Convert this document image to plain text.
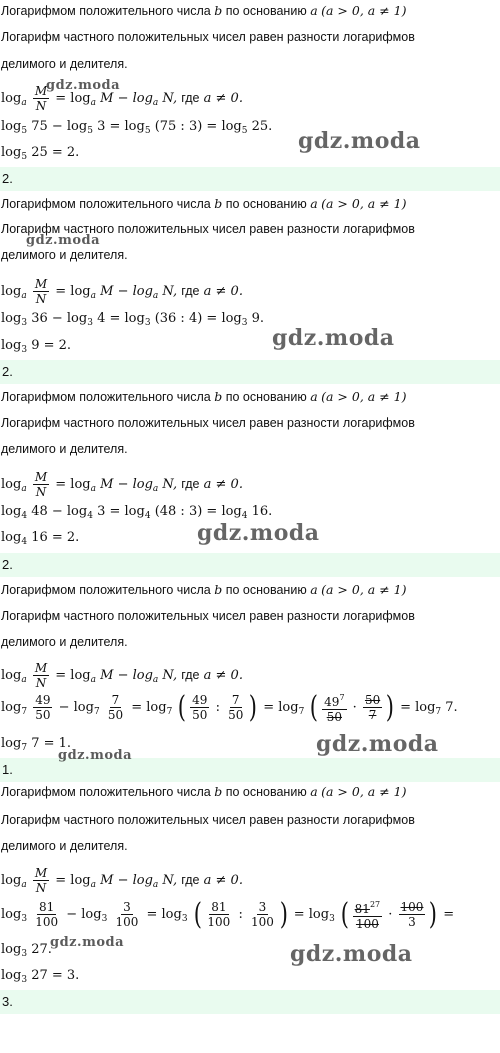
Логарифмом положительного числа b по основанию a (a > 0, a ≠ 1)
Логарифм частного положительных чисел равен разности логарифмов
делимого и делителя.
$\log_a \frac{M}{N} = \log_a M - \log_a N$, где a ≠ 0.
$\log_5 75 - \log_5 3 = \log_5 (75$ : $3) = \log_5 25$.
$\log_5 25 = 2$.
2.
gdz.moda
gdz.moda
Логарифмом положительного числа b по основанию a (a > 0, a ≠ 1)
Логарифм частного положительных чисел равен разности логарифмов
делимого и делителя.
$\log_a \frac{M}{N} = \log_a M - \log_a N$, где a ≠ 0.
$\log_3 36 - \log_3 4 = \log_3 (36$ : $4) = \log_3 9$.
$\log_3 9 = 2$.
2.
gdz.moda
gdz.moda
Логарифмом положительного числа b по основанию a (a > 0, a ≠ 1)
Логарифм частного положительных чисел равен разности логарифмов
делимого и делителя.
$\log_a \frac{M}{N} = \log_a M - \log_a N$, где a ≠ 0.
$\log_4 48 - \log_4 3 = \log_4 (48$ : $3) = \log_4 16$.
$\log_4 16 = 2$.
2.
gdz.moda
Логарифмом положительного числа b по основанию a (a > 0, a ≠ 1)
Логарифм частного положительных чисел равен разности логарифмов
делимого и делителя.
$\log_a \frac{M}{N} = \log_a M - \log_a N$, где a ≠ 0.
$\log_7 \frac{49}{50} - \log_7 \frac{7}{50} = \log_7$ ( $\frac{49}{50}$ : $\frac{7}{50}$ ) = $\log_7$ ( $\frac{49^7}{50} \cdot \frac{50}{7}$ ) = $\log_7 7$.
$\log_7 7 = 1$.
1.
gdz.moda
gdz.moda
Логарифмом положительного числа b по основанию a (a > 0, a ≠ 1)
Логарифм частного положительных чисел равен разности логарифмов
делимого и делителя.
$\log_a \frac{M}{N} = \log_a M - \log_a N$, где a ≠ 0.
$\log_3 \frac{81}{100} - \log_3 \frac{3}{100} = \log_3$ ( $\frac{81}{100}$ : $\frac{3}{100}$ ) = $\log_3$ ( $\frac{81^{27}}{100} \cdot \frac{100}{3}$ ) =
$\log_3 27$.
$\log_3 27 = 3$.
3.
gdz.moda	gdz.moda
